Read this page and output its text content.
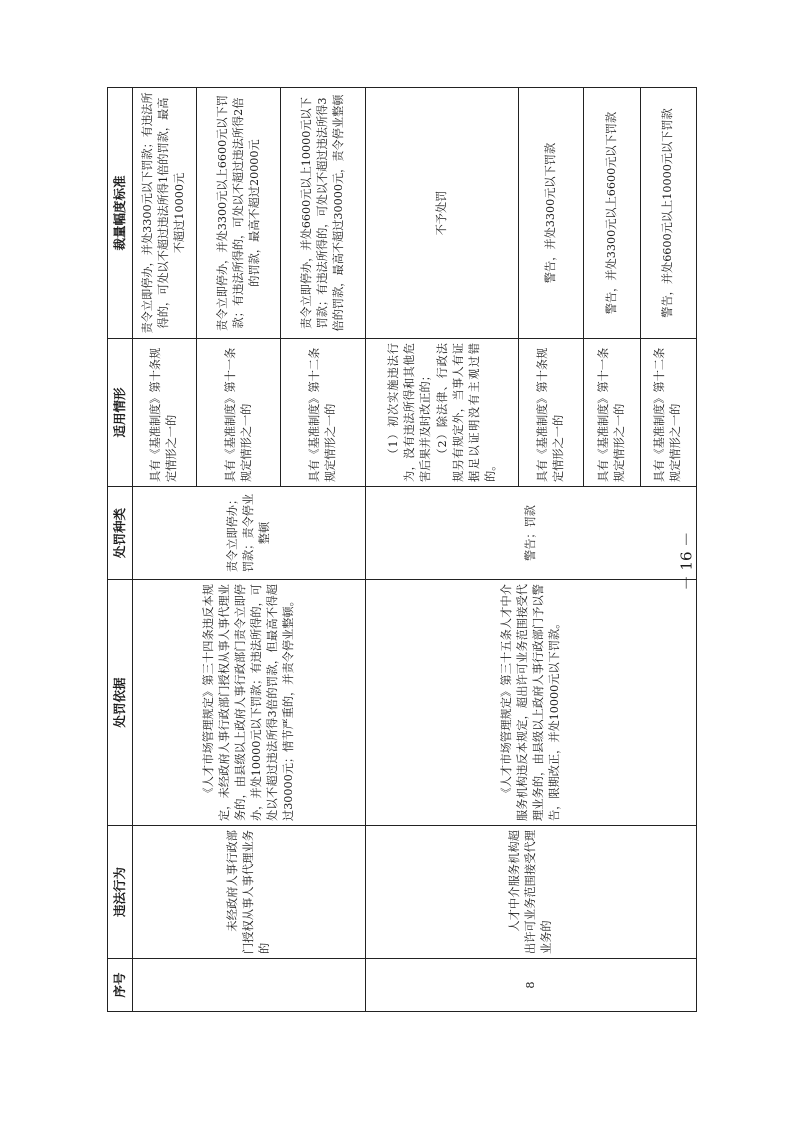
序号	违法行为	处罚依据	处罚种类	适用情形	裁量幅度标准

	未经政府人事行政部门授权从事人事代理业务的	《人才市场管理规定》第三十四条违反本规定，未经政府人事行政部门授权从事人事代理业务的，由县级以上政府人事行政部门责令立即停办，并处10000元以下罚款；有违法所得的，可处以不超过违法所得3倍的罚款，但最高不得超过30000元；情节严重的，并责令停业整顿。	责令立即停办；罚款；责令停业整顿	具有《基准制度》第十条规定情形之一的	责令立即停办，并处3300元以下罚款；有违法所得的，可处以不超过违法所得1倍的罚款，最高不超过10000元
				具有《基准制度》第十一条规定情形之一的	责令立即停办，并处3300元以上6600元以下罚款；有违法所得的，可处以不超过违法所得2倍的罚款，最高不超过20000元
				具有《基准制度》第十二条规定情形之一的	责令立即停办，并处6600元以上10000元以下罚款；有违法所得的，可处以不超过违法所得3倍的罚款，最高不超过30000元，责令停业整顿
8	人才中介服务机构超出许可业务范围接受代理业务的	《人才市场管理规定》第三十五条人才中介服务机构违反本规定，超出许可业务范围接受代理业务的，由县级以上政府人事行政部门予以警告，限期改正，并处10000元以下罚款。	警告；罚款	（1）初次实施违法行为，没有违法所得和其他危害后果并及时改正的； （2）除法律、行政法规另有规定外，当事人有证据足以证明没有主观过错的。	不予处罚
				具有《基准制度》第十条规定情形之一的	警告，并处3300元以下罚款
				具有《基准制度》第十一条规定情形之一的	警告，并处3300元以上6600元以下罚款
				具有《基准制度》第十二条规定情形之一的	警告，并处6600元以上10000元以下罚款
－ 16 －
